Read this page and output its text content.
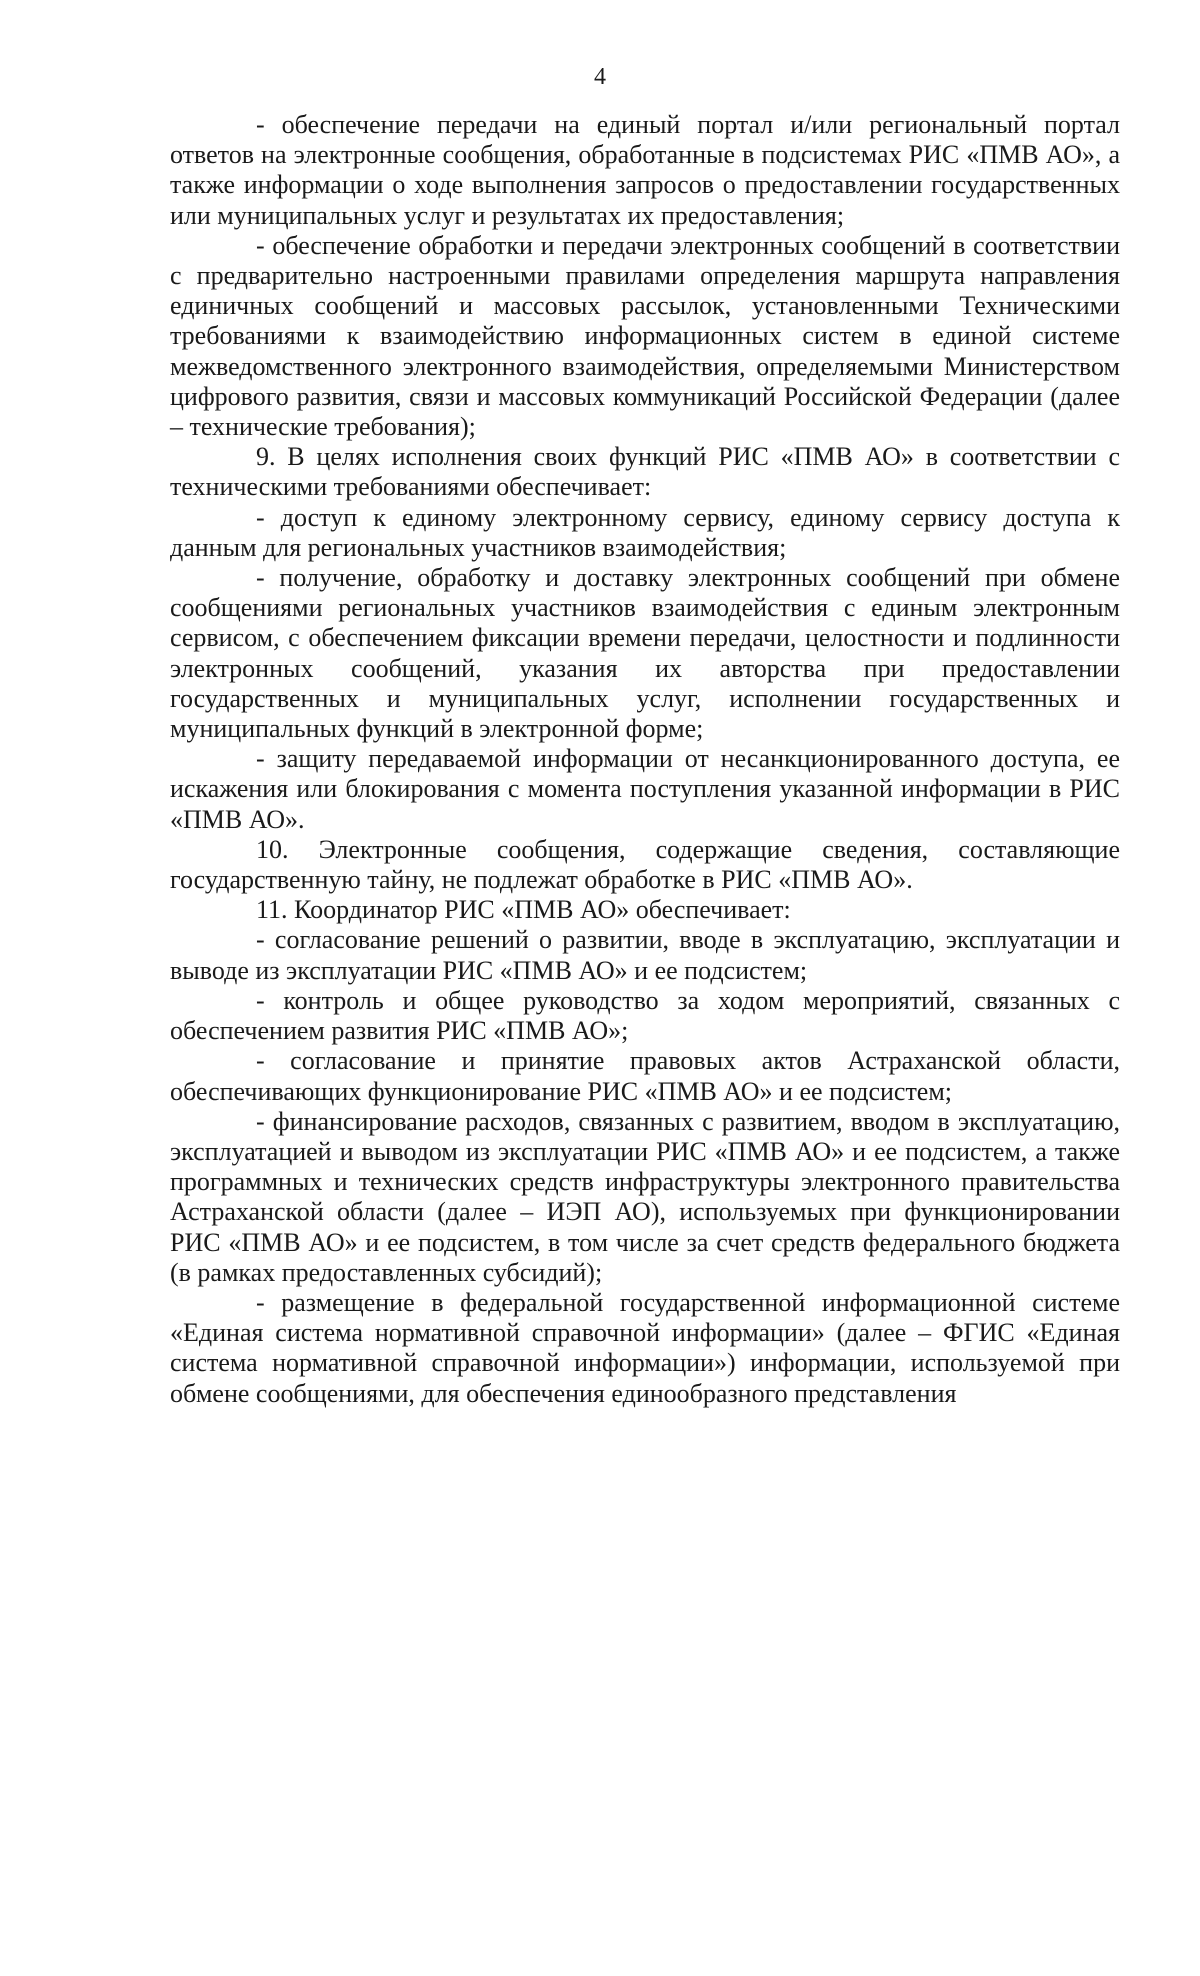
4

- обеспечение передачи на единый портал и/или региональный портал ответов на электронные сообщения, обработанные в подсистемах РИС «ПМВ АО», а также информации о ходе выполнения запросов о предоставлении государственных или муниципальных услуг и результатах их предоставления;

- обеспечение обработки и передачи электронных сообщений в соответствии с предварительно настроенными правилами определения маршрута направления единичных сообщений и массовых рассылок, установленными Техническими требованиями к взаимодействию информационных систем в единой системе межведомственного электронного взаимодействия, определяемыми Министерством цифрового развития, связи и массовых коммуникаций Российской Федерации (далее – технические требования);

9. В целях исполнения своих функций РИС «ПМВ АО» в соответствии с техническими требованиями обеспечивает:

- доступ к единому электронному сервису, единому сервису доступа к данным для региональных участников взаимодействия;

- получение, обработку и доставку электронных сообщений при обмене сообщениями региональных участников взаимодействия с единым электронным сервисом, с обеспечением фиксации времени передачи, целостности и подлинности электронных сообщений, указания их авторства при предоставлении государственных и муниципальных услуг, исполнении государственных и муниципальных функций в электронной форме;

- защиту передаваемой информации от несанкционированного доступа, ее искажения или блокирования с момента поступления указанной информации в РИС «ПМВ АО».

10. Электронные сообщения, содержащие сведения, составляющие государственную тайну, не подлежат обработке в РИС «ПМВ АО».

11. Координатор РИС «ПМВ АО» обеспечивает:

- согласование решений о развитии, вводе в эксплуатацию, эксплуатации и выводе из эксплуатации РИС «ПМВ АО» и ее подсистем;

- контроль и общее руководство за ходом мероприятий, связанных с обеспечением развития РИС «ПМВ АО»;

- согласование и принятие правовых актов Астраханской области, обеспечивающих функционирование РИС «ПМВ АО» и ее подсистем;

- финансирование расходов, связанных с развитием, вводом в эксплуатацию, эксплуатацией и выводом из эксплуатации РИС «ПМВ АО» и ее подсистем, а также программных и технических средств инфраструктуры электронного правительства Астраханской области (далее – ИЭП АО), используемых при функционировании РИС «ПМВ АО» и ее подсистем, в том числе за счет средств федерального бюджета (в рамках предоставленных субсидий);

- размещение в федеральной государственной информационной системе «Единая система нормативной справочной информации» (далее – ФГИС «Единая система нормативной справочной информации») информации, используемой при обмене сообщениями, для обеспечения единообразного представления
